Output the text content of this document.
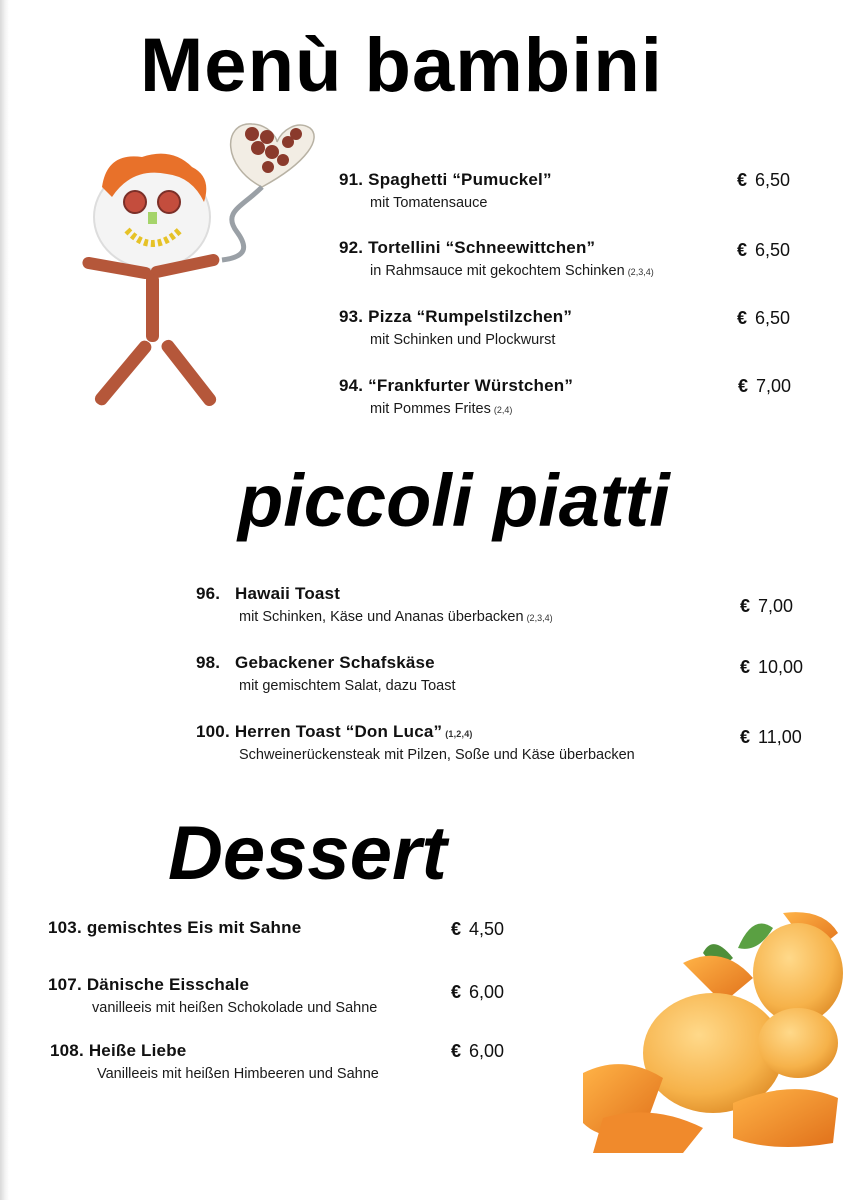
Menù bambini
piccoli piatti
Dessert
91. Spaghetti “Pumuckel”
mit Tomatensauce
€ 6,50
92. Tortellini “Schneewittchen”
in Rahmsauce mit gekochtem Schinken (2,3,4)
€ 6,50
93. Pizza “Rumpelstilzchen”
mit Schinken und Plockwurst
€ 6,50
94. “Frankfurter Würstchen”
mit Pommes Frites (2,4)
€ 7,00
96. Hawaii Toast
mit Schinken, Käse und Ananas überbacken (2,3,4)
€ 7,00
98. Gebackener Schafskäse
mit gemischtem Salat, dazu Toast
€ 10,00
100. Herren Toast “Don Luca” (1,2,4)
Schweinerückensteak mit Pilzen, Soße und Käse überbacken
€ 11,00
103. gemischtes Eis mit Sahne	€ 4,50
107. Dänische Eisschale
vanilleeis mit heißen Schokolade und Sahne
€ 6,00
108. Heiße Liebe
Vanilleeis mit heißen Himbeeren und Sahne
€ 6,00
